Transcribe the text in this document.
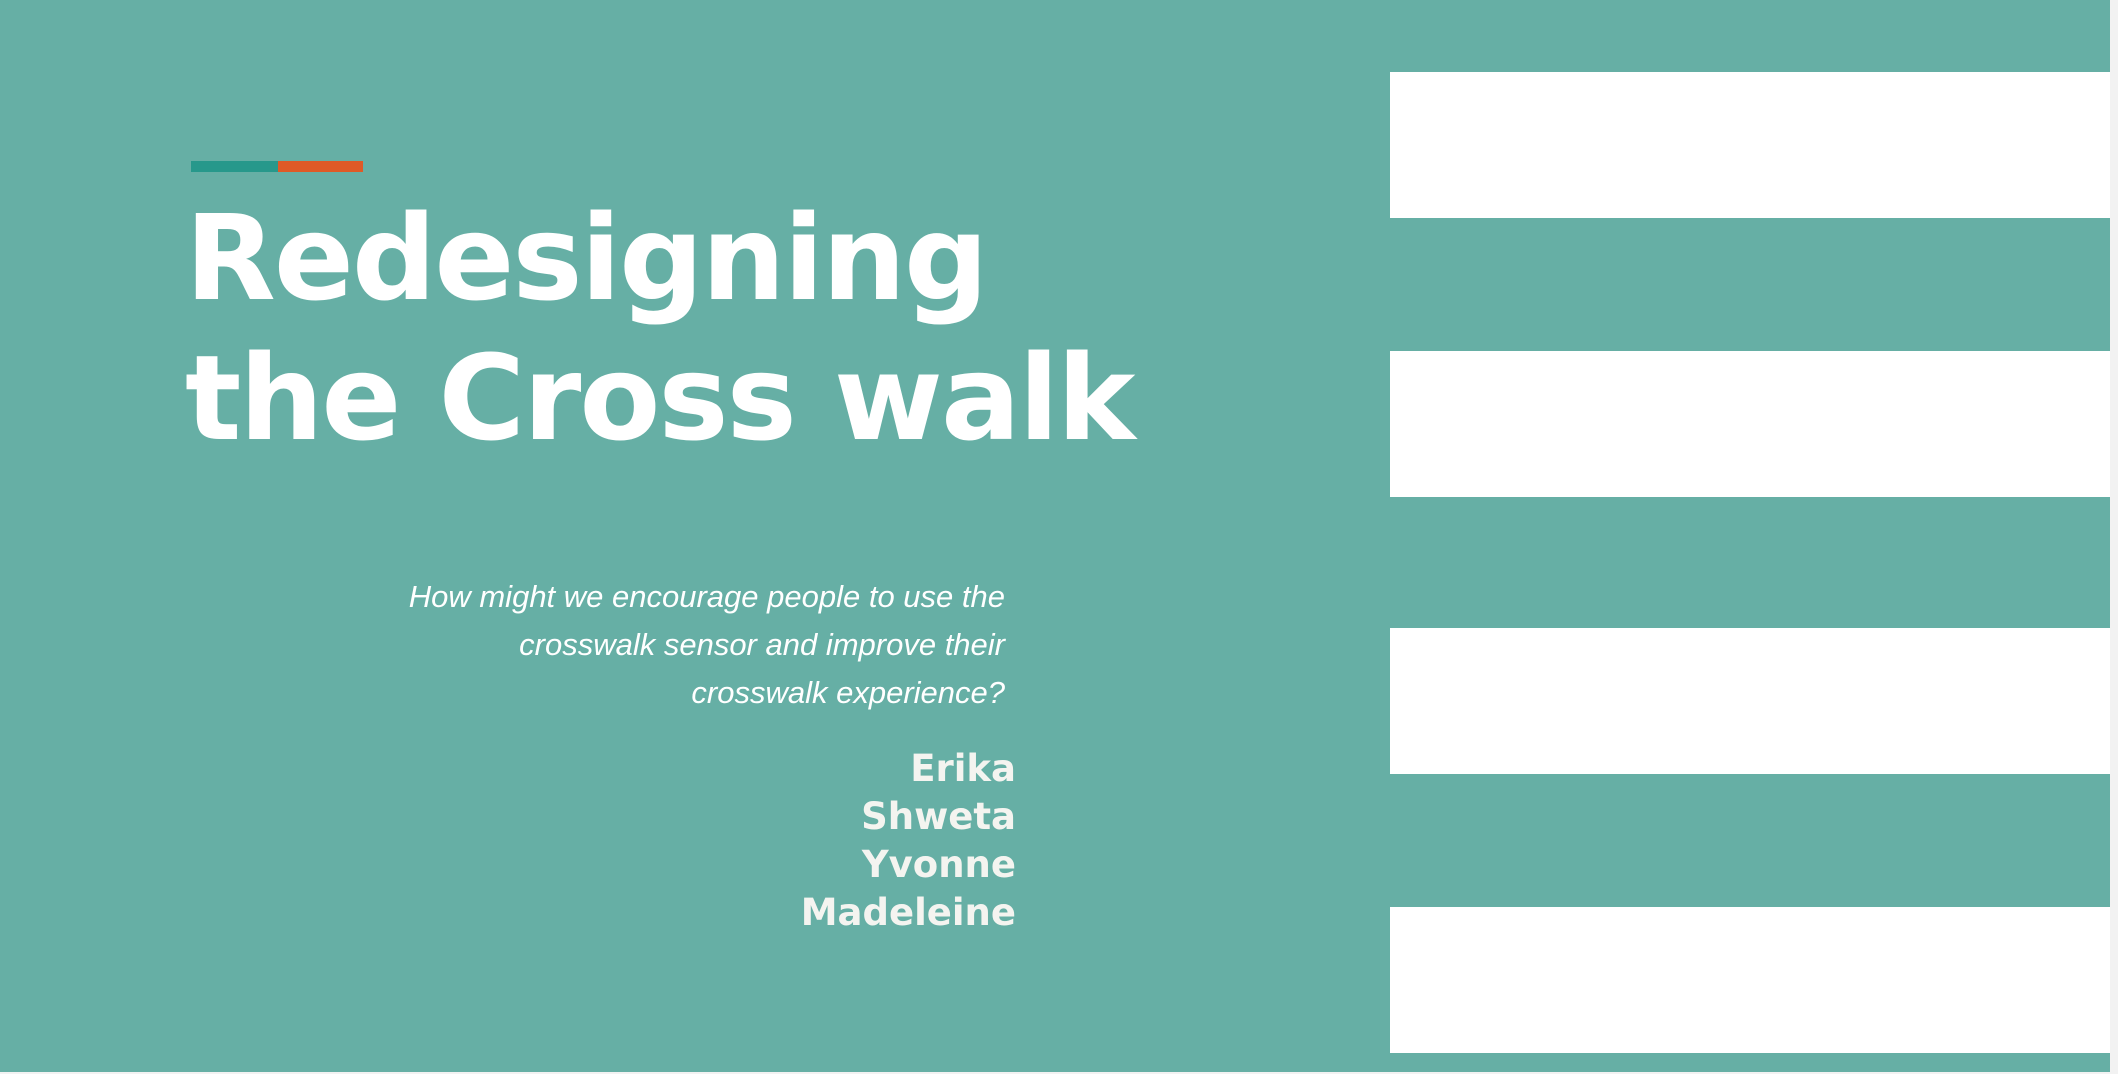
Redesigning
the Cross walk
How might we encourage people to use the
crosswalk sensor and improve their
crosswalk experience?
Erika
Shweta
Yvonne
Madeleine
